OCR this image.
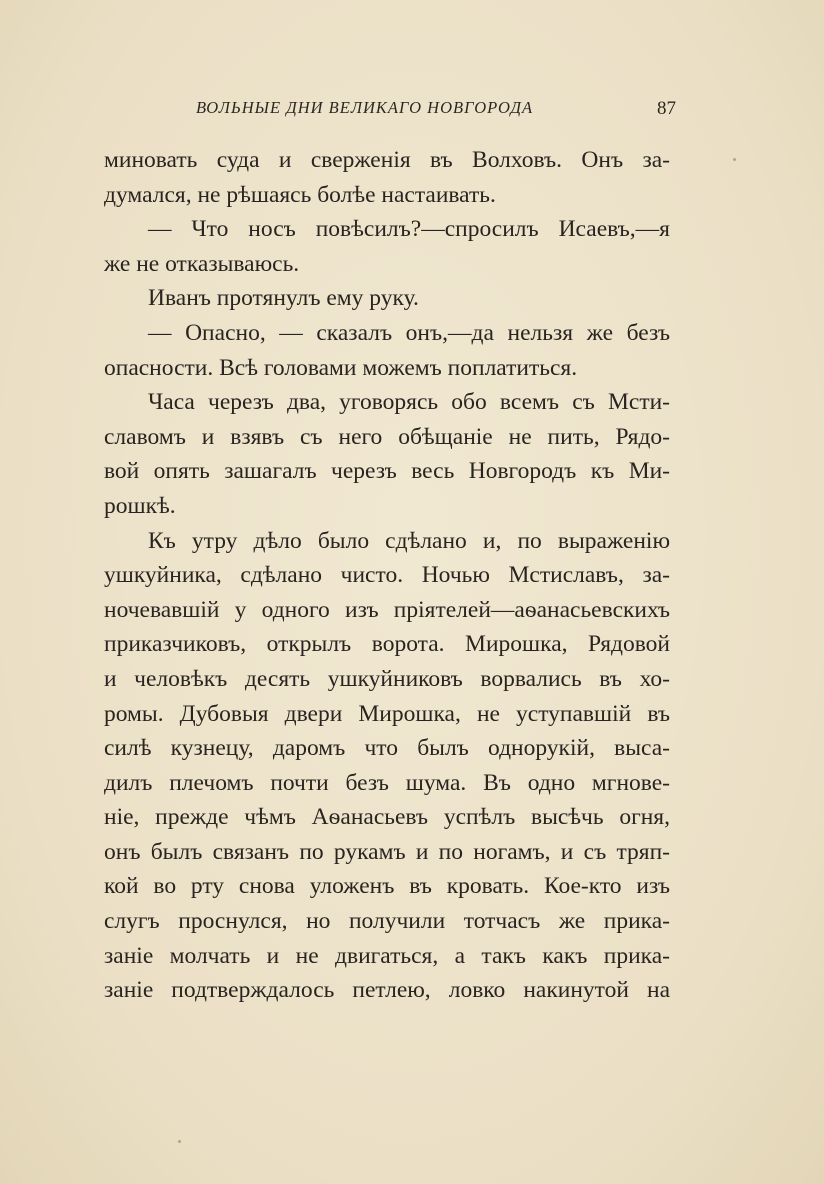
ВОЛЬНЫЕ ДНИ ВЕЛИКАГО НОВГОРОДА	87
миновать суда и сверженія въ Волховъ. Онъ за-
думался, не рѣшаясь болѣе настаивать.
— Что носъ повѣсилъ?—спросилъ Исаевъ,—я
же не отказываюсь.
Иванъ протянулъ ему руку.
— Опасно, — сказалъ онъ,—да нельзя же безъ
опасности. Всѣ головами можемъ поплатиться.
Часа черезъ два, уговорясь обо всемъ съ Мсти-
славомъ и взявъ съ него обѣщаніе не пить, Рядо-
вой опять зашагалъ черезъ весь Новгородъ къ Ми-
рошкѣ.
Къ утру дѣло было сдѣлано и, по выраженію
ушкуйника, сдѣлано чисто. Ночью Мстиславъ, за-
ночевавшій у одного изъ пріятелей—аѳанасьевскихъ
приказчиковъ, открылъ ворота. Мирошка, Рядовой
и человѣкъ десять ушкуйниковъ ворвались въ хо-
ромы. Дубовыя двери Мирошка, не уступавшій въ
силѣ кузнецу, даромъ что былъ однорукій, выса-
дилъ плечомъ почти безъ шума. Въ одно мгнове-
ніе, прежде чѣмъ Аѳанасьевъ успѣлъ высѣчь огня,
онъ былъ связанъ по рукамъ и по ногамъ, и съ тряп-
кой во рту снова уложенъ въ кровать. Кое-кто изъ
слугъ проснулся, но получили тотчасъ же прика-
заніе молчать и не двигаться, а такъ какъ прика-
заніе подтверждалось петлею, ловко накинутой на
